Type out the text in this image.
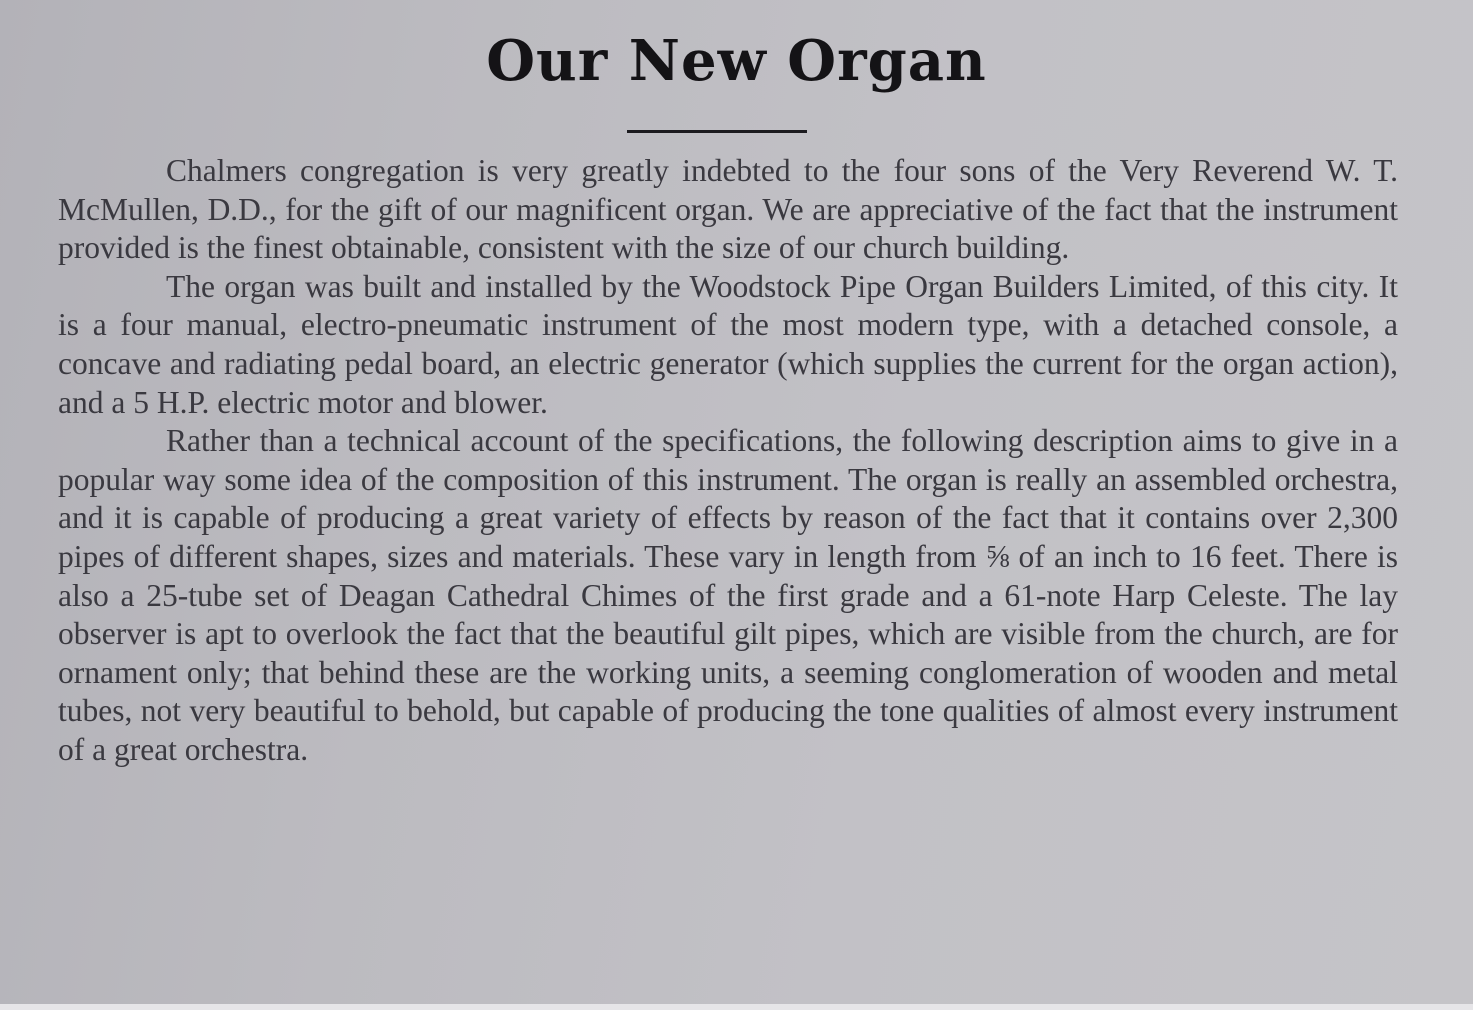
Our New Organ

Chalmers congregation is very greatly indebted to the four sons of the Very Reverend W. T. McMullen, D.D., for the gift of our magnificent organ. We are appreciative of the fact that the instrument provided is the finest obtainable, consistent with the size of our church building.

The organ was built and installed by the Woodstock Pipe Organ Builders Limited, of this city. It is a four manual, electro-pneumatic instrument of the most modern type, with a detached console, a concave and radiating pedal board, an electric generator (which supplies the current for the organ action), and a 5 H.P. electric motor and blower.

Rather than a technical account of the specifications, the following description aims to give in a popular way some idea of the composition of this instrument. The organ is really an assembled orchestra, and it is capable of producing a great variety of effects by reason of the fact that it contains over 2,300 pipes of different shapes, sizes and materials. These vary in length from ⅝ of an inch to 16 feet. There is also a 25-tube set of Deagan Cathedral Chimes of the first grade and a 61-note Harp Celeste. The lay observer is apt to overlook the fact that the beautiful gilt pipes, which are visible from the church, are for ornament only; that behind these are the working units, a seeming conglomeration of wooden and metal tubes, not very beautiful to behold, but capable of producing the tone qualities of almost every instrument of a great orchestra.
